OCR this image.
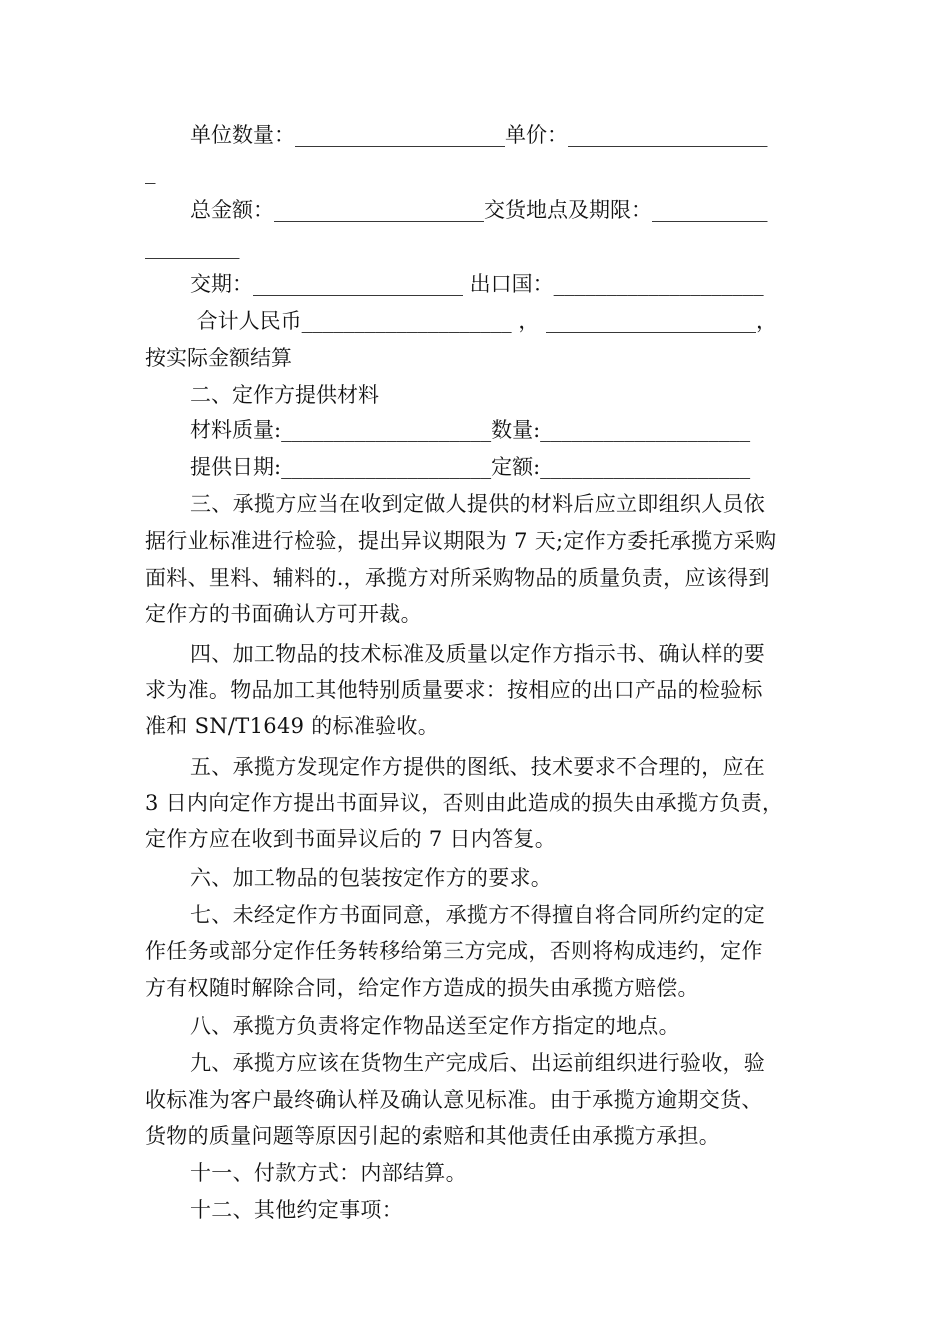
单位数量：____________________单价：___________________
_
总金额：____________________交货地点及期限：___________
_________
交期：____________________ 出口国：____________________
合计人民币____________________ ， ____________________，
按实际金额结算
二、定作方提供材料
材料质量:____________________数量:____________________
提供日期:____________________定额:____________________
三、承揽方应当在收到定做人提供的材料后应立即组织人员依
据行业标准进行检验，提出异议期限为 7 天;定作方委托承揽方采购
面料、里料、辅料的.，承揽方对所采购物品的质量负责，应该得到
定作方的书面确认方可开裁。
四、加工物品的技术标准及质量以定作方指示书、确认样的要
求为准。物品加工其他特别质量要求：按相应的出口产品的检验标
准和 SN/T1649 的标准验收。
五、承揽方发现定作方提供的图纸、技术要求不合理的，应在
3 日内向定作方提出书面异议，否则由此造成的损失由承揽方负责，
定作方应在收到书面异议后的 7 日内答复。
六、加工物品的包装按定作方的要求。
七、未经定作方书面同意，承揽方不得擅自将合同所约定的定
作任务或部分定作任务转移给第三方完成，否则将构成违约，定作
方有权随时解除合同，给定作方造成的损失由承揽方赔偿。
八、承揽方负责将定作物品送至定作方指定的地点。
九、承揽方应该在货物生产完成后、出运前组织进行验收，验
收标准为客户最终确认样及确认意见标准。由于承揽方逾期交货、
货物的质量问题等原因引起的索赔和其他责任由承揽方承担。
十一、付款方式：内部结算。
十二、其他约定事项：
